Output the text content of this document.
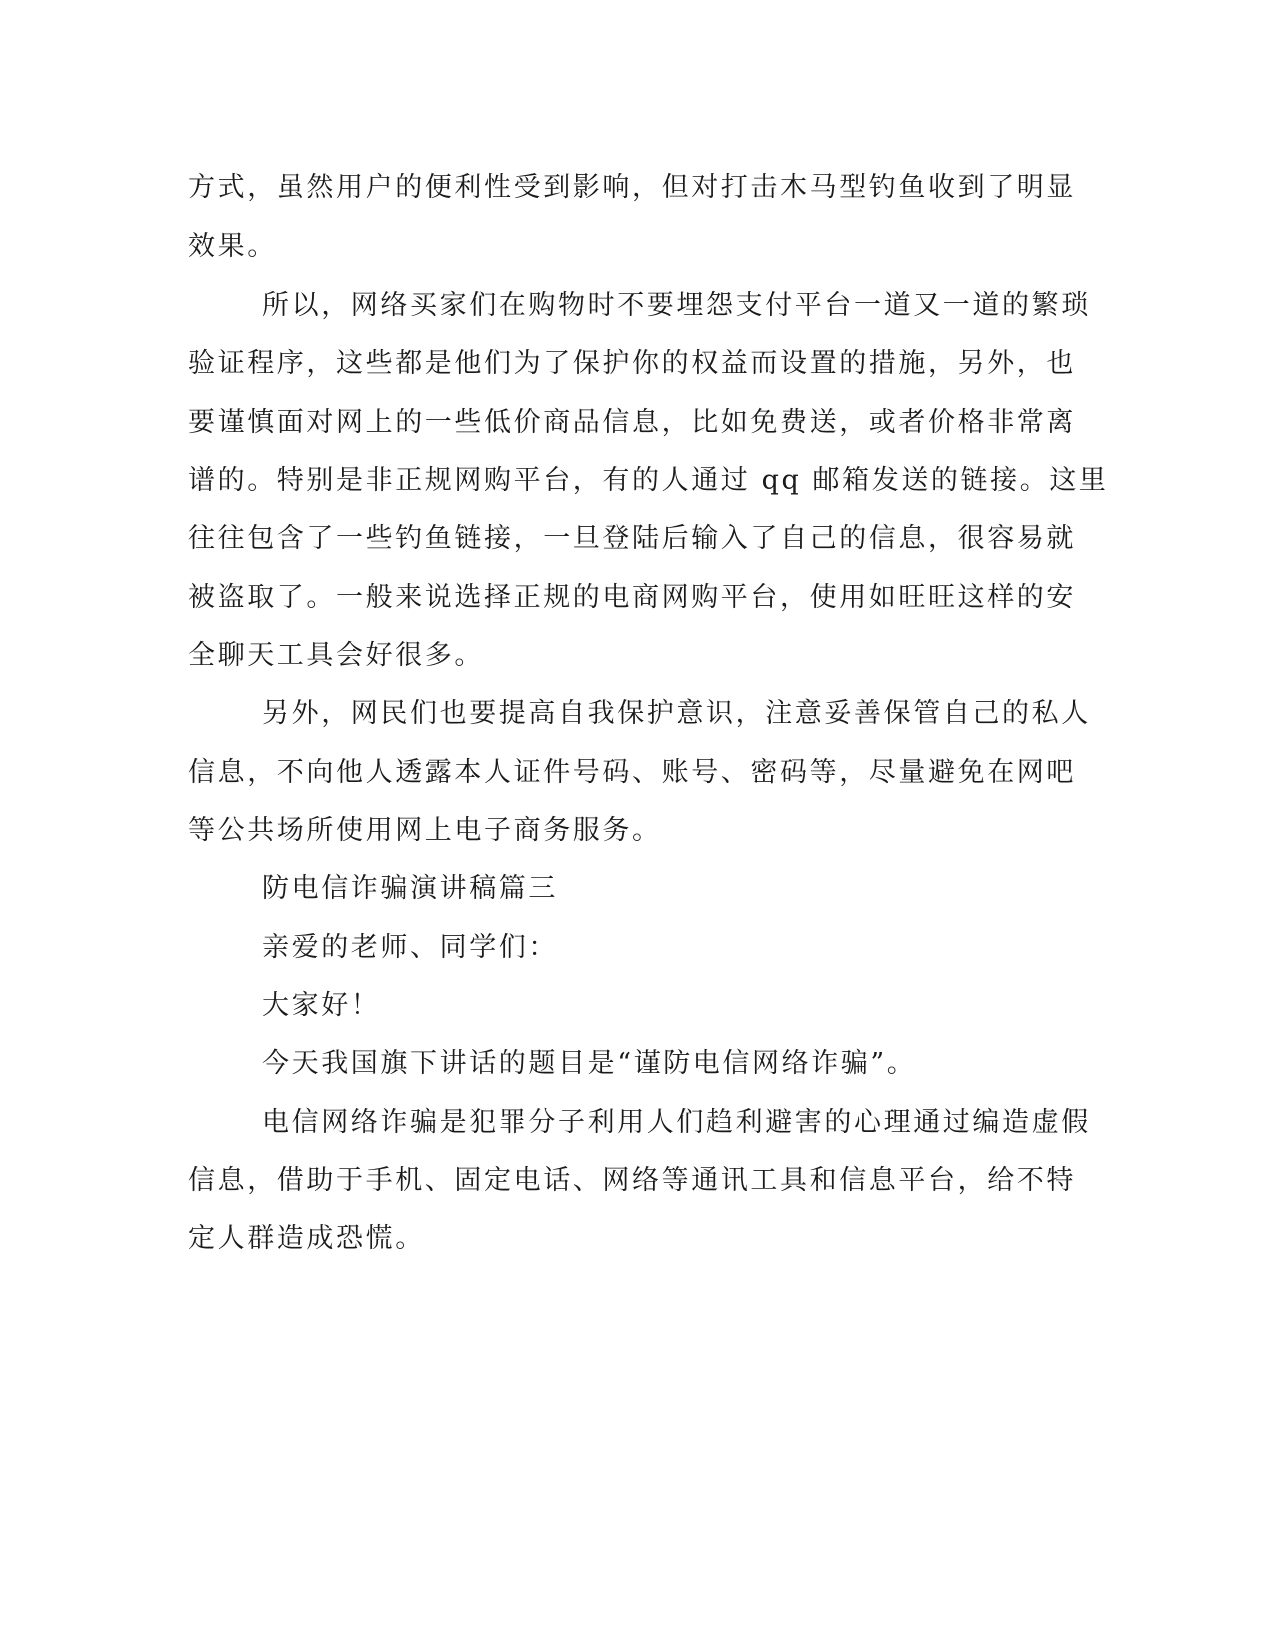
方式，虽然用户的便利性受到影响，但对打击木马型钓鱼收到了明显
效果。
所以，网络买家们在购物时不要埋怨支付平台一道又一道的繁琐
验证程序，这些都是他们为了保护你的权益而设置的措施，另外，也
要谨慎面对网上的一些低价商品信息，比如免费送，或者价格非常离
谱的。特别是非正规网购平台，有的人通过 qq 邮箱发送的链接。这里
往往包含了一些钓鱼链接，一旦登陆后输入了自己的信息，很容易就
被盗取了。一般来说选择正规的电商网购平台，使用如旺旺这样的安
全聊天工具会好很多。
另外，网民们也要提高自我保护意识，注意妥善保管自己的私人
信息，不向他人透露本人证件号码、账号、密码等，尽量避免在网吧
等公共场所使用网上电子商务服务。
防电信诈骗演讲稿篇三
亲爱的老师、同学们：
大家好！
今天我国旗下讲话的题目是“谨防电信网络诈骗”。
电信网络诈骗是犯罪分子利用人们趋利避害的心理通过编造虚假
信息，借助于手机、固定电话、网络等通讯工具和信息平台，给不特
定人群造成恐慌。
